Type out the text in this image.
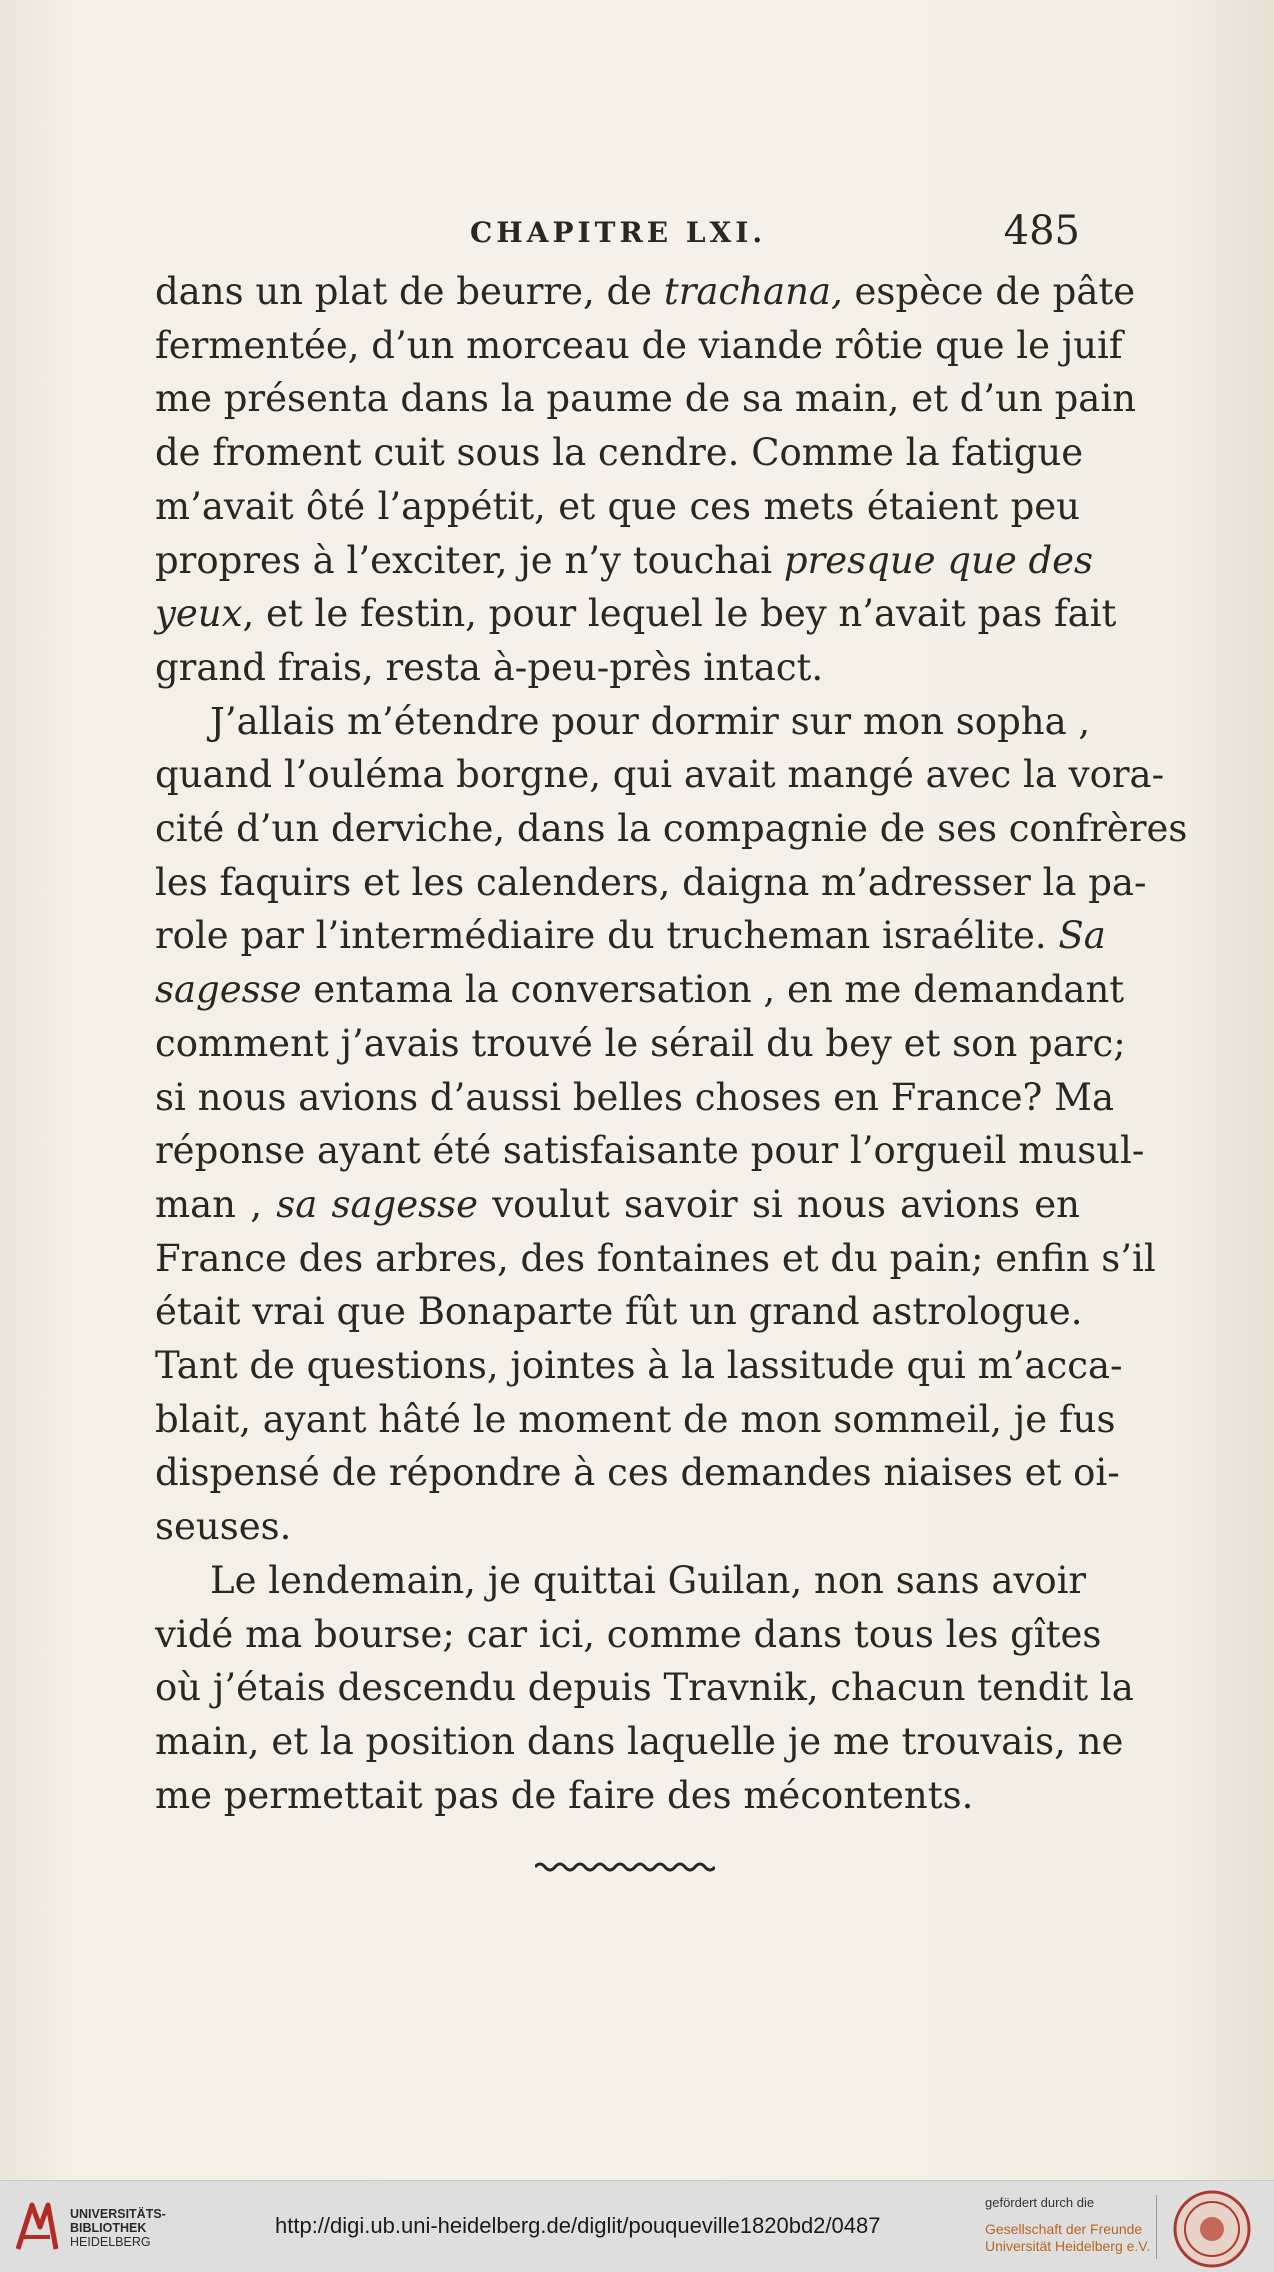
CHAPITRE LXI.	485

dans un plat de beurre, de trachana, espèce de pâte
fermentée, d’un morceau de viande rôtie que le juif
me présenta dans la paume de sa main, et d’un pain
de froment cuit sous la cendre. Comme la fatigue
m’avait ôté l’appétit, et que ces mets étaient peu
propres à l’exciter, je n’y touchai presque que des
yeux, et le festin, pour lequel le bey n’avait pas fait
grand frais, resta à-peu-près intact.

J’allais m’étendre pour dormir sur mon sopha ,
quand l’ouléma borgne, qui avait mangé avec la vora-
cité d’un derviche, dans la compagnie de ses confrères
les faquirs et les calenders, daigna m’adresser la pa-
role par l’intermédiaire du trucheman israélite. Sa
sagesse entama la conversation , en me demandant
comment j’avais trouvé le sérail du bey et son parc;
si nous avions d’aussi belles choses en France? Ma
réponse ayant été satisfaisante pour l’orgueil musul-
man , sa sagesse voulut savoir si nous avions en
France des arbres, des fontaines et du pain; enfin s’il
était vrai que Bonaparte fût un grand astrologue.
Tant de questions, jointes à la lassitude qui m’acca-
blait, ayant hâté le moment de mon sommeil, je fus
dispensé de répondre à ces demandes niaises et oi-
seuses.

Le lendemain, je quittai Guilan, non sans avoir
vidé ma bourse; car ici, comme dans tous les gîtes
où j’étais descendu depuis Travnik, chacun tendit la
main, et la position dans laquelle je me trouvais, ne
me permettait pas de faire des mécontents.

UNIVERSITÄTS-
BIBLIOTHEK
HEIDELBERG
http://digi.ub.uni-heidelberg.de/diglit/pouqueville1820bd2/0487
gefördert durch die
Gesellschaft der Freunde
Universität Heidelberg e.V.
